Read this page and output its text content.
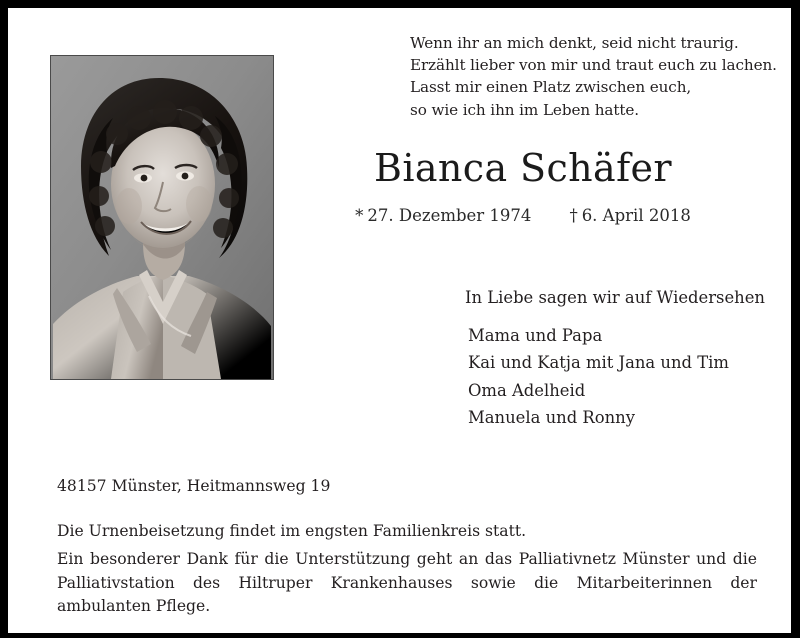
Wenn ihr an mich denkt, seid nicht traurig.
Erzählt lieber von mir und traut euch zu lachen.
Lasst mir einen Platz zwischen euch,
so wie ich ihn im Leben hatte.
Bianca Schäfer
* 27. Dezember 1974 † 6. April 2018
In Liebe sagen wir auf Wiedersehen
Mama und Papa
Kai und Katja mit Jana und Tim
Oma Adelheid
Manuela und Ronny
48157 Münster, Heitmannsweg 19
Die Urnenbeisetzung findet im engsten Familienkreis statt.
Ein besonderer Dank für die Unterstützung geht an das Palliativnetz Münster und die Palliativstation des Hiltruper Krankenhauses sowie die Mitarbeiterinnen der ambulanten Pflege.
